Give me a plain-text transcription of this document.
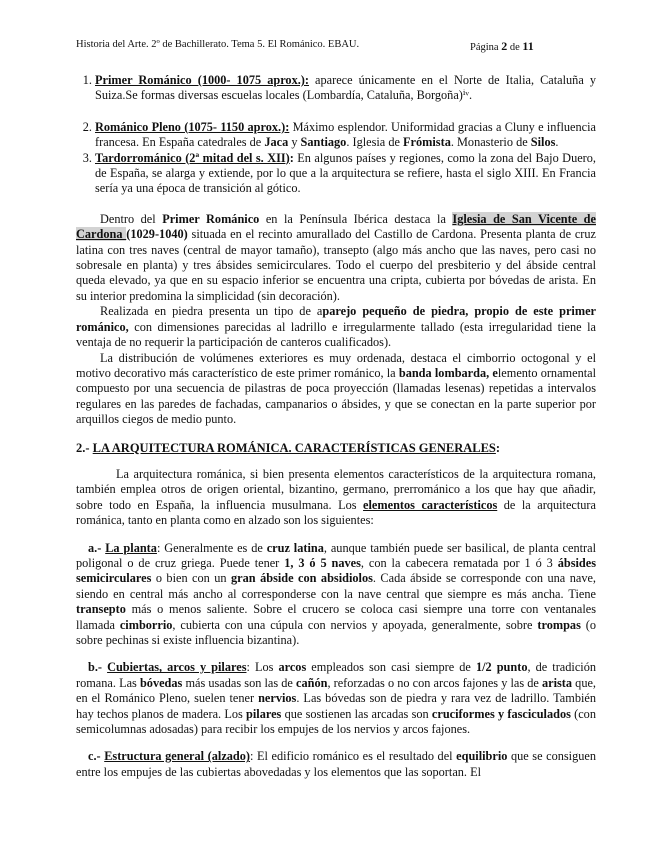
Historia del Arte. 2º de Bachillerato. Tema 5. El Románico. EBAU.	Página 2 de 11
1. Primer Románico (1000- 1075 aprox.): aparece únicamente en el Norte de Italia, Cataluña y Suiza.Se formas diversas escuelas locales (Lombardía, Cataluña, Borgoña)ⁱᵛ.
2. Románico Pleno (1075- 1150 aprox.): Máximo esplendor. Uniformidad gracias a Cluny e influencia francesa. En España catedrales de Jaca y Santiago. Iglesia de Frómista. Monasterio de Silos.
3. Tardorrománico (2ª mitad del s. XII): En algunos países y regiones, como la zona del Bajo Duero, de España, se alarga y extiende, por lo que a la arquitectura se refiere, hasta el siglo XIII. En Francia sería ya una época de transición al gótico.

Dentro del Primer Románico en la Península Ibérica destaca la Iglesia de San Vicente de Cardona (1029-1040) situada en el recinto amurallado del Castillo de Cardona. Presenta planta de cruz latina con tres naves (central de mayor tamaño), transepto (algo más ancho que las naves, pero casi no sobresale en planta) y tres ábsides semicirculares. Todo el cuerpo del presbiterio y del ábside central queda elevado, ya que en su espacio inferior se encuentra una cripta, cubierta por bóvedas de arista. En su interior predomina la simplicidad (sin decoración).

Realizada en piedra presenta un tipo de aparejo pequeño de piedra, propio de este primer románico, con dimensiones parecidas al ladrillo e irregularmente tallado (esta irregularidad tiene la ventaja de no requerir la participación de canteros cualificados).

La distribución de volúmenes exteriores es muy ordenada, destaca el cimborrio octogonal y el motivo decorativo más característico de este primer románico, la banda lombarda, elemento ornamental compuesto por una secuencia de pilastras de poca proyección (llamadas lesenas) repetidas a intervalos regulares en las paredes de fachadas, campanarios o ábsides, y que se conectan en la parte superior por arquillos ciegos de medio punto.

2.- LA ARQUITECTURA ROMÁNICA. CARACTERÍSTICAS GENERALES:

La arquitectura románica, si bien presenta elementos característicos de la arquitectura romana, también emplea otros de origen oriental, bizantino, germano, prerrománico a los que hay que añadir, sobre todo en España, la influencia musulmana. Los elementos característicos de la arquitectura románica, tanto en planta como en alzado son los siguientes:

a.- La planta: Generalmente es de cruz latina, aunque también puede ser basilical, de planta central poligonal o de cruz griega. Puede tener 1, 3 ó 5 naves, con la cabecera rematada por 1 ó 3 ábsides semicirculares o bien con un gran ábside con absidiolos. Cada ábside se corresponde con una nave, siendo en central más ancho al corresponderse con la nave central que siempre es más ancha. Tiene transepto más o menos saliente. Sobre el crucero se coloca casi siempre una torre con ventanales llamada cimborrio, cubierta con una cúpula con nervios y apoyada, generalmente, sobre trompas (o sobre pechinas si existe influencia bizantina).

b.- Cubiertas, arcos y pilares: Los arcos empleados son casi siempre de 1/2 punto, de tradición romana. Las bóvedas más usadas son las de cañón, reforzadas o no con arcos fajones y las de arista que, en el Románico Pleno, suelen tener nervios. Las bóvedas son de piedra y rara vez de ladrillo. También hay techos planos de madera. Los pilares que sostienen las arcadas son cruciformes y fasciculados (con semicolumnas adosadas) para recibir los empujes de los nervios y arcos fajones.

c.- Estructura general (alzado): El edificio románico es el resultado del equilibrio que se consiguen entre los empujes de las cubiertas abovedadas y los elementos que las soportan. El
